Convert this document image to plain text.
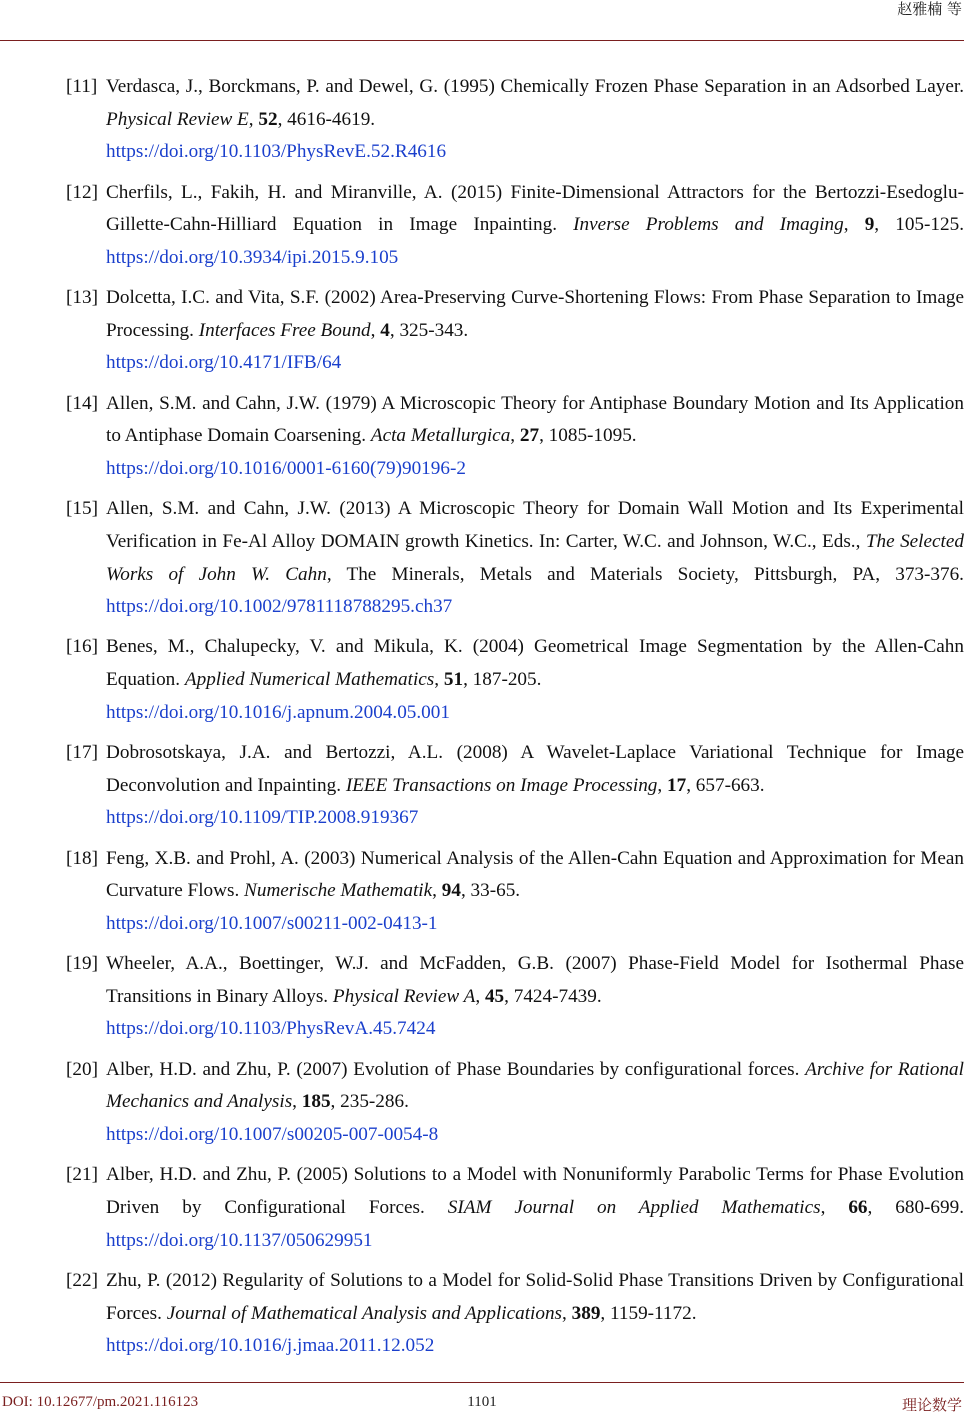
赵雅楠 等
[11] Verdasca, J., Borckmans, P. and Dewel, G. (1995) Chemically Frozen Phase Separation in an Adsorbed Layer. Physical Review E, 52, 4616-4619.
https://doi.org/10.1103/PhysRevE.52.R4616
[12] Cherfils, L., Fakih, H. and Miranville, A. (2015) Finite-Dimensional Attractors for the Bertozzi-Esedoglu-Gillette-Cahn-Hilliard Equation in Image Inpainting. Inverse Problems and Imaging, 9, 105-125. https://doi.org/10.3934/ipi.2015.9.105
[13] Dolcetta, I.C. and Vita, S.F. (2002) Area-Preserving Curve-Shortening Flows: From Phase Separation to Image Processing. Interfaces Free Bound, 4, 325-343.
https://doi.org/10.4171/IFB/64
[14] Allen, S.M. and Cahn, J.W. (1979) A Microscopic Theory for Antiphase Boundary Motion and Its Application to Antiphase Domain Coarsening. Acta Metallurgica, 27, 1085-1095.
https://doi.org/10.1016/0001-6160(79)90196-2
[15] Allen, S.M. and Cahn, J.W. (2013) A Microscopic Theory for Domain Wall Motion and Its Experimental Verification in Fe-Al Alloy DOMAIN growth Kinetics. In: Carter, W.C. and Johnson, W.C., Eds., The Selected Works of John W. Cahn, The Minerals, Metals and Materials Society, Pittsburgh, PA, 373-376. https://doi.org/10.1002/9781118788295.ch37
[16] Benes, M., Chalupecky, V. and Mikula, K. (2004) Geometrical Image Segmentation by the Allen-Cahn Equation. Applied Numerical Mathematics, 51, 187-205.
https://doi.org/10.1016/j.apnum.2004.05.001
[17] Dobrosotskaya, J.A. and Bertozzi, A.L. (2008) A Wavelet-Laplace Variational Technique for Image Deconvolution and Inpainting. IEEE Transactions on Image Processing, 17, 657-663.
https://doi.org/10.1109/TIP.2008.919367
[18] Feng, X.B. and Prohl, A. (2003) Numerical Analysis of the Allen-Cahn Equation and Approximation for Mean Curvature Flows. Numerische Mathematik, 94, 33-65.
https://doi.org/10.1007/s00211-002-0413-1
[19] Wheeler, A.A., Boettinger, W.J. and McFadden, G.B. (2007) Phase-Field Model for Isothermal Phase Transitions in Binary Alloys. Physical Review A, 45, 7424-7439.
https://doi.org/10.1103/PhysRevA.45.7424
[20] Alber, H.D. and Zhu, P. (2007) Evolution of Phase Boundaries by configurational forces. Archive for Rational Mechanics and Analysis, 185, 235-286.
https://doi.org/10.1007/s00205-007-0054-8
[21] Alber, H.D. and Zhu, P. (2005) Solutions to a Model with Nonuniformly Parabolic Terms for Phase Evolution Driven by Configurational Forces. SIAM Journal on Applied Mathematics, 66, 680-699. https://doi.org/10.1137/050629951
[22] Zhu, P. (2012) Regularity of Solutions to a Model for Solid-Solid Phase Transitions Driven by Configurational Forces. Journal of Mathematical Analysis and Applications, 389, 1159-1172.
https://doi.org/10.1016/j.jmaa.2011.12.052
DOI: 10.12677/pm.2021.116123	1101	理论数学
